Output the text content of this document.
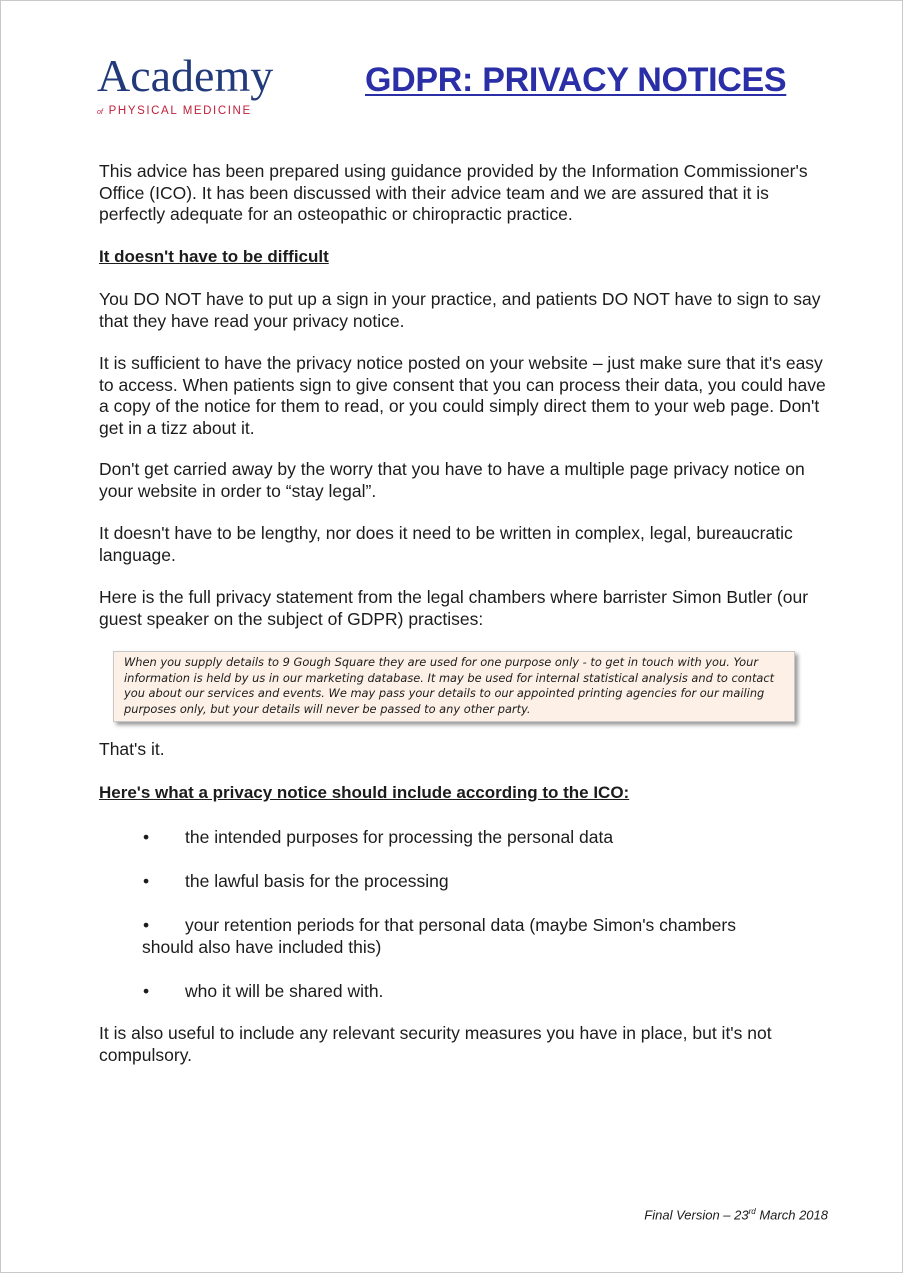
Academy
of PHYSICAL MEDICINE
GDPR: PRIVACY NOTICES

This advice has been prepared using guidance provided by the Information Commissioner's Office (ICO). It has been discussed with their advice team and we are assured that it is perfectly adequate for an osteopathic or chiropractic practice.

It doesn't have to be difficult

You DO NOT have to put up a sign in your practice, and patients DO NOT have to sign to say that they have read your privacy notice.

It is sufficient to have the privacy notice posted on your website – just make sure that it's easy to access. When patients sign to give consent that you can process their data, you could have a copy of the notice for them to read, or you could simply direct them to your web page. Don't get in a tizz about it.

Don't get carried away by the worry that you have to have a multiple page privacy notice on your website in order to “stay legal”.

It doesn't have to be lengthy, nor does it need to be written in complex, legal, bureaucratic language.

Here is the full privacy statement from the legal chambers where barrister Simon Butler (our guest speaker on the subject of GDPR) practises:

When you supply details to 9 Gough Square they are used for one purpose only - to get in touch with you. Your information is held by us in our marketing database. It may be used for internal statistical analysis and to contact you about our services and events. We may pass your details to our appointed printing agencies for our mailing purposes only, but your details will never be passed to any other party.
That's it.
Here's what a privacy notice should include according to the ICO:
• the intended purposes for processing the personal data
• the lawful basis for the processing
• your retention periods for that personal data (maybe Simon's chambers
should also have included this)
• who it will be shared with.

It is also useful to include any relevant security measures you have in place, but it's not compulsory.

Final Version – 23rd March 2018
